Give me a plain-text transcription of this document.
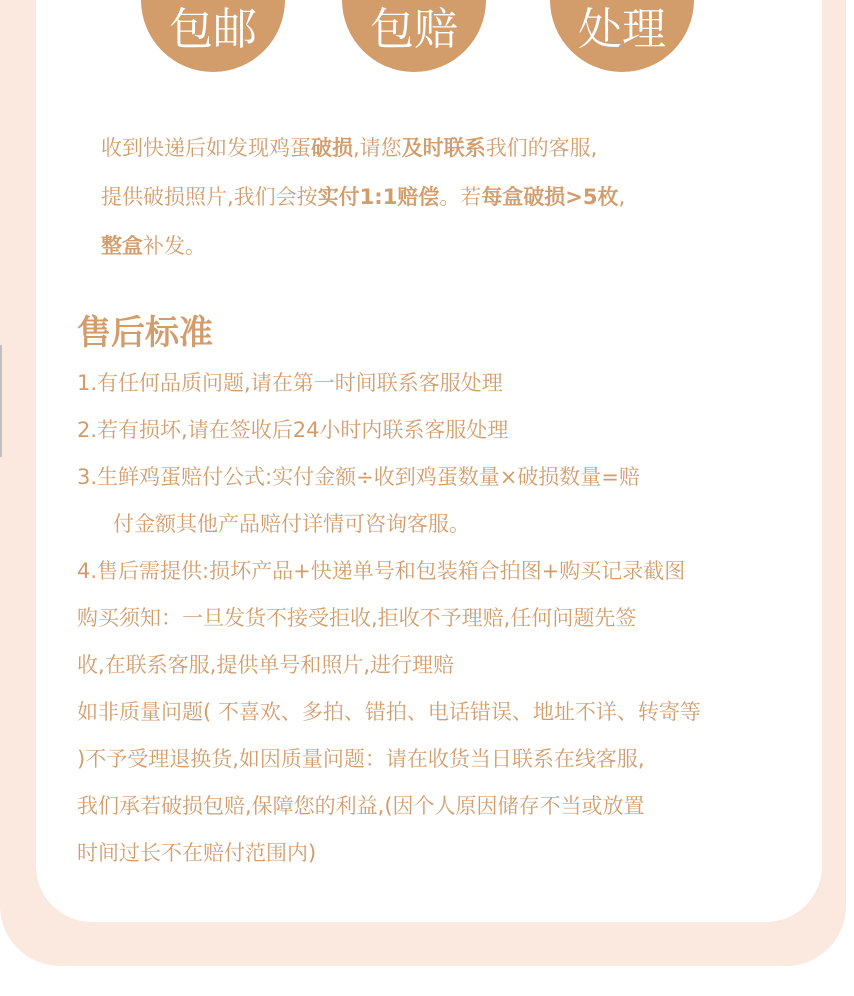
包邮	包赔	处理
收到快递后如发现鸡蛋破损,请您及时联系我们的客服,
提供破损照片,我们会按实付1:1赔偿。若每盒破损>5枚,
整盒补发。
售后标准
1.有任何品质问题,请在第一时间联系客服处理
2.若有损坏,请在签收后24小时内联系客服处理
3.生鲜鸡蛋赔付公式:实付金额÷收到鸡蛋数量×破损数量=赔
付金额其他产品赔付详情可咨询客服。
4.售后需提供:损坏产品+快递单号和包装箱合拍图+购买记录截图
购买须知：一旦发货不接受拒收,拒收不予理赔,任何问题先签
收,在联系客服,提供单号和照片,进行理赔
如非质量问题( 不喜欢、多拍、错拍、电话错误、地址不详、转寄等
)不予受理退换货,如因质量问题：请在收货当日联系在线客服,
我们承若破损包赔,保障您的利益,(因个人原因储存不当或放置
时间过长不在赔付范围内)
